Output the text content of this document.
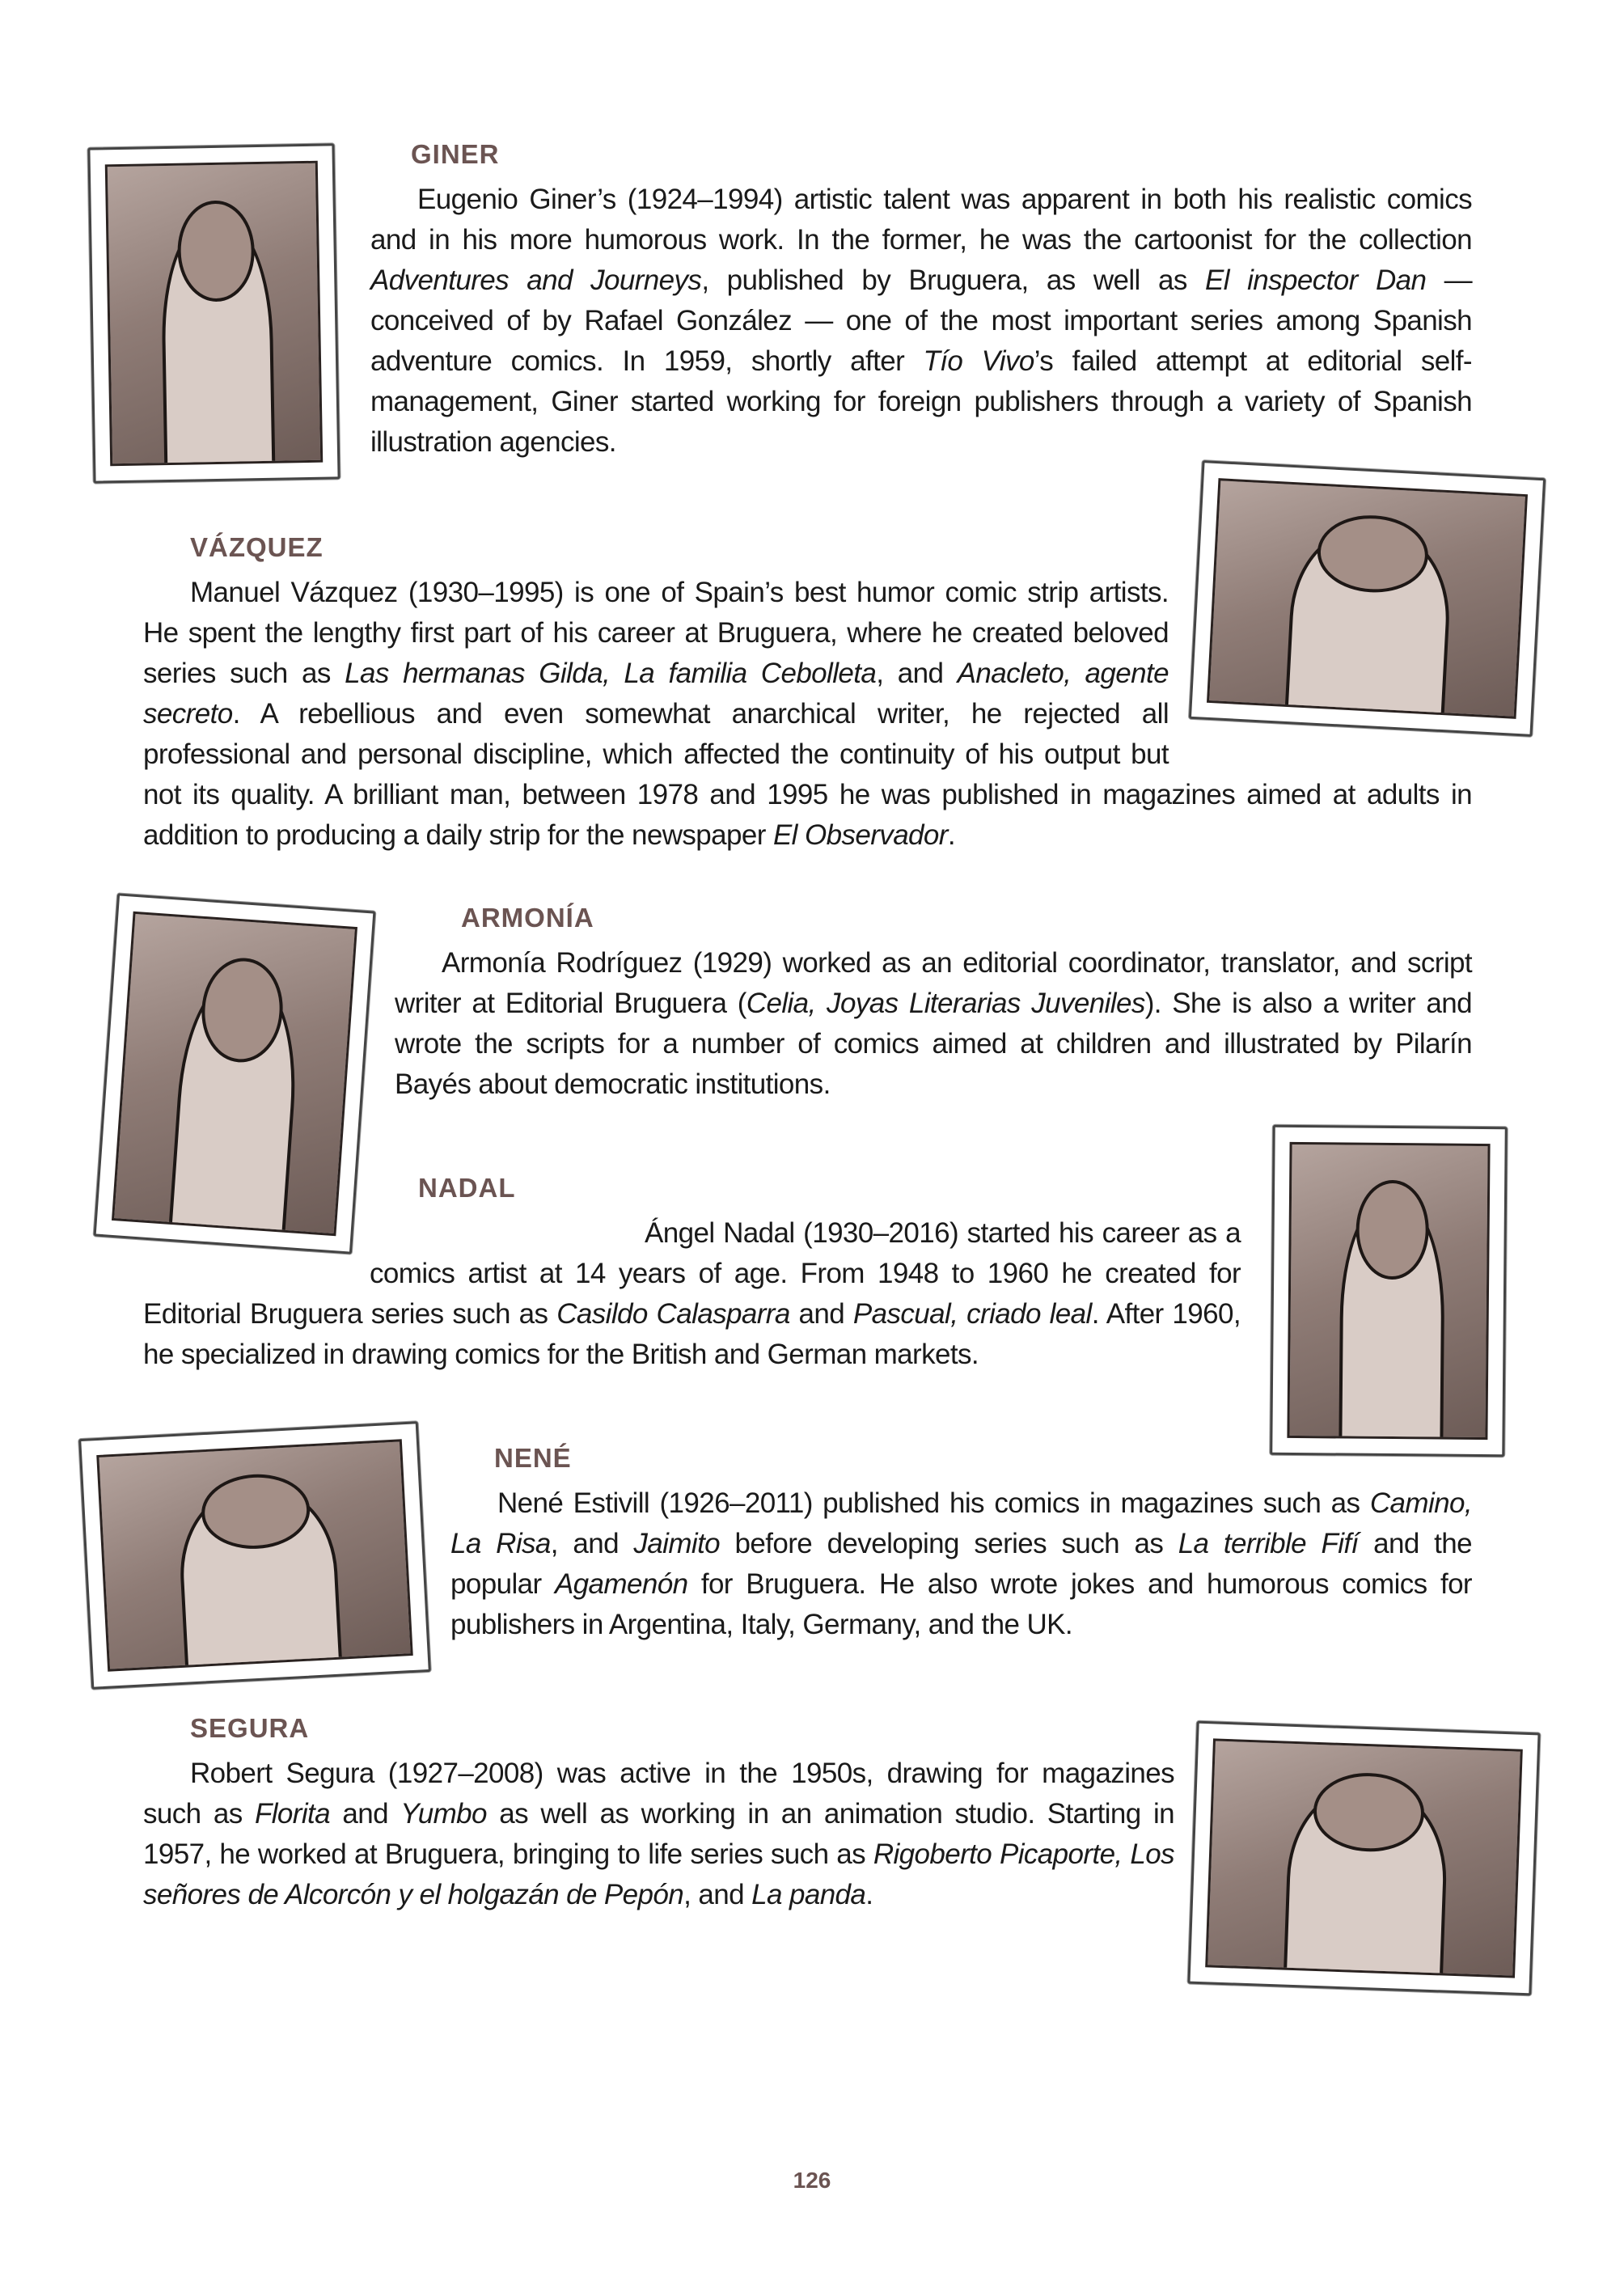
GINER

Eugenio Giner’s (1924–1994) artistic talent was apparent in both his realistic comics and in his more humorous work. In the former, he was the cartoonist for the collection Adventures and Journeys, published by Bruguera, as well as El inspector Dan — conceived of by Rafael González — one of the most important series among Spanish adventure comics. In 1959, shortly after Tío Vivo’s failed attempt at editorial self-management, Giner started working for foreign publishers through a variety of Spanish illustration agencies.

VÁZQUEZ

Manuel Vázquez (1930–1995) is one of Spain’s best humor comic strip artists. He spent the lengthy first part of his career at Bruguera, where he created beloved series such as Las hermanas Gilda, La familia Cebolleta, and Anacleto, agente secreto. A rebellious and even somewhat anarchical writer, he rejected all professional and personal discipline, which affected the continuity of his output but not its quality. A brilliant man, between 1978 and 1995 he was published in magazines aimed at adults in addition to producing a daily strip for the newspaper El Observador.

ARMONÍA

Armonía Rodríguez (1929) worked as an editorial coordinator, translator, and script writer at Editorial Bruguera (Celia, Joyas Literarias Juveniles). She is also a writer and wrote the scripts for a number of comics aimed at children and illustrated by Pilarín Bayés about democratic institutions.

NADAL

Ángel Nadal (1930–2016) started his career as a comics artist at 14 years of age. From 1948 to 1960 he created for Editorial Bruguera series such as Casildo Calasparra and Pascual, criado leal. After 1960, he specialized in drawing comics for the British and German markets.

NENÉ

Nené Estivill (1926–2011) published his comics in magazines such as Camino, La Risa, and Jaimito before developing series such as La terrible Fifí and the popular Agamenón for Bruguera. He also wrote jokes and humorous comics for publishers in Argentina, Italy, Germany, and the UK.

SEGURA

Robert Segura (1927–2008) was active in the 1950s, drawing for magazines such as Florita and Yumbo as well as working in an animation studio. Starting in 1957, he worked at Bruguera, bringing to life series such as Rigoberto Picaporte, Los señores de Alcorcón y el holgazán de Pepón, and La panda.

126
